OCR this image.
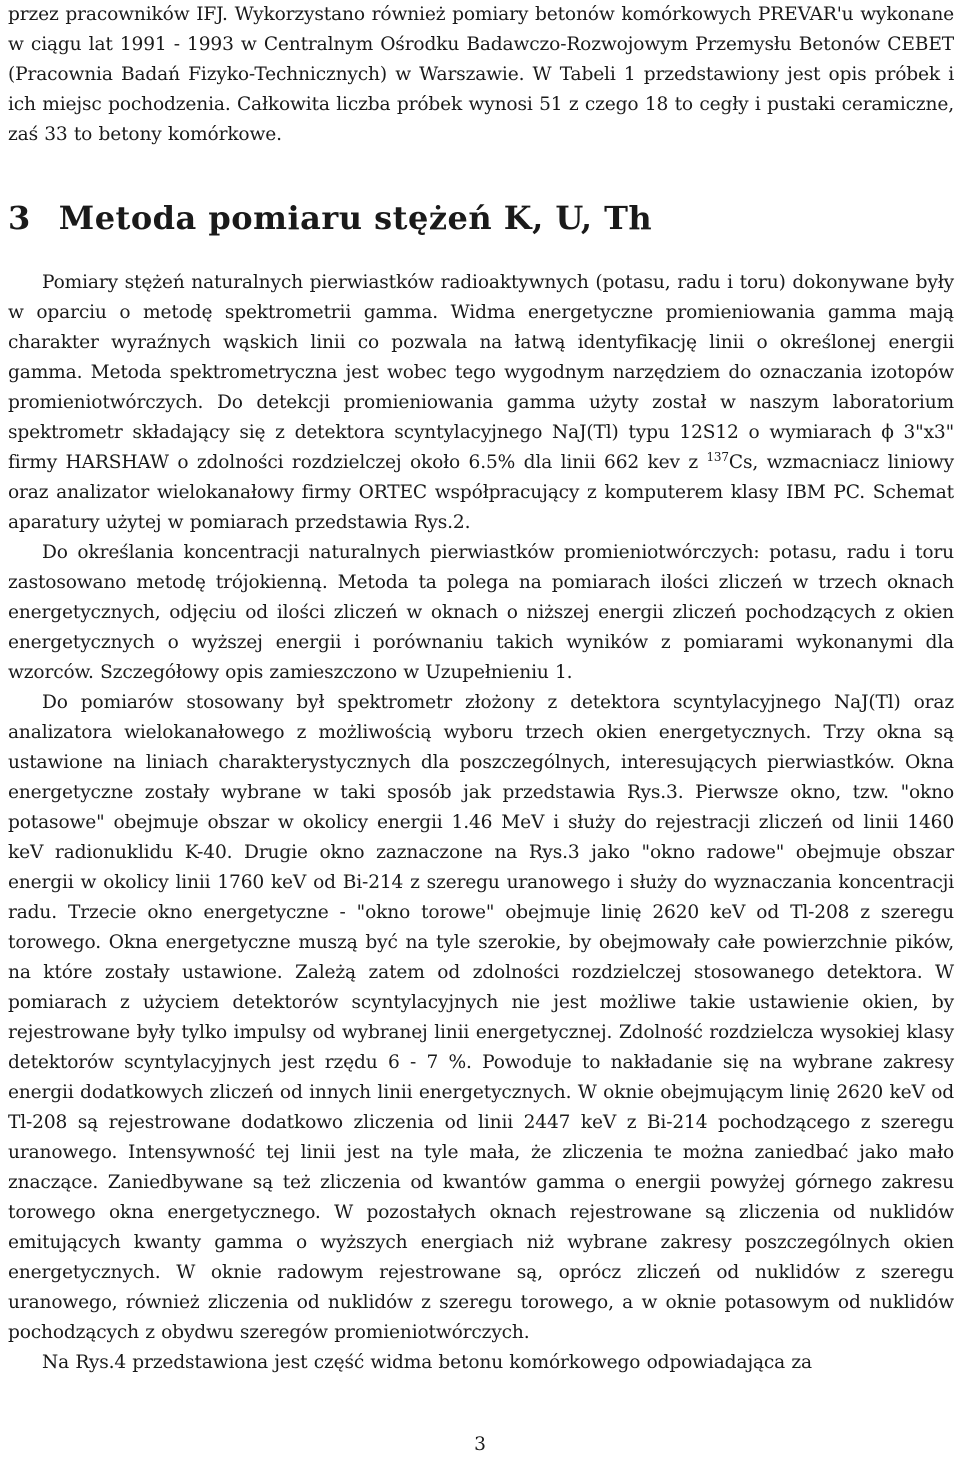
przez pracowników IFJ. Wykorzystano również pomiary betonów komórkowych PREVAR'u wykonane w ciągu lat 1991 - 1993 w Centralnym Ośrodku Badawczo-Rozwojowym Przemysłu Betonów CEBET (Pracownia Badań Fizyko-Technicznych) w Warszawie. W Tabeli 1 przedstawiony jest opis próbek i ich miejsc pochodzenia. Całkowita liczba próbek wynosi 51 z czego 18 to cegły i pustaki ceramiczne, zaś 33 to betony komórkowe.

3 Metoda pomiaru stężeń K, U, Th

Pomiary stężeń naturalnych pierwiastków radioaktywnych (potasu, radu i toru) dokonywane były w oparciu o metodę spektrometrii gamma. Widma energetyczne promieniowania gamma mają charakter wyraźnych wąskich linii co pozwala na łatwą identyfikację linii o określonej energii gamma. Metoda spektrometryczna jest wobec tego wygodnym narzędziem do oznaczania izotopów promieniotwórczych. Do detekcji promieniowania gamma użyty został w naszym laboratorium spektrometr składający się z detektora scyntylacyjnego NaJ(Tl) typu 12S12 o wymiarach ϕ 3"x3" firmy HARSHAW o zdolności rozdzielczej około 6.5% dla linii 662 kev z $^{137}$Cs, wzmacniacz liniowy oraz analizator wielokanałowy firmy ORTEC współpracujący z komputerem klasy IBM PC. Schemat aparatury użytej w pomiarach przedstawia Rys.2.

Do określania koncentracji naturalnych pierwiastków promieniotwórczych: potasu, radu i toru zastosowano metodę trójokienną. Metoda ta polega na pomiarach ilości zliczeń w trzech oknach energetycznych, odjęciu od ilości zliczeń w oknach o niższej energii zliczeń pochodzących z okien energetycznych o wyższej energii i porównaniu takich wyników z pomiarami wykonanymi dla wzorców. Szczegółowy opis zamieszczono w Uzupełnieniu 1.

Do pomiarów stosowany był spektrometr złożony z detektora scyntylacyjnego NaJ(Tl) oraz analizatora wielokanałowego z możliwością wyboru trzech okien energetycznych. Trzy okna są ustawione na liniach charakterystycznych dla poszczególnych, interesujących pierwiastków. Okna energetyczne zostały wybrane w taki sposób jak przedstawia Rys.3. Pierwsze okno, tzw. "okno potasowe" obejmuje obszar w okolicy energii 1.46 MeV i służy do rejestracji zliczeń od linii 1460 keV radionuklidu K-40. Drugie okno zaznaczone na Rys.3 jako "okno radowe" obejmuje obszar energii w okolicy linii 1760 keV od Bi-214 z szeregu uranowego i służy do wyznaczania koncentracji radu. Trzecie okno energetyczne - "okno torowe" obejmuje linię 2620 keV od Tl-208 z szeregu torowego. Okna energetyczne muszą być na tyle szerokie, by obejmowały całe powierzchnie pików, na które zostały ustawione. Zależą zatem od zdolności rozdzielczej stosowanego detektora. W pomiarach z użyciem detektorów scyntylacyjnych nie jest możliwe takie ustawienie okien, by rejestrowane były tylko impulsy od wybranej linii energetycznej. Zdolność rozdzielcza wysokiej klasy detektorów scyntylacyjnych jest rzędu 6 - 7 %. Powoduje to nakładanie się na wybrane zakresy energii dodatkowych zliczeń od innych linii energetycznych. W oknie obejmującym linię 2620 keV od Tl-208 są rejestrowane dodatkowo zliczenia od linii 2447 keV z Bi-214 pochodzącego z szeregu uranowego. Intensywność tej linii jest na tyle mała, że zliczenia te można zaniedbać jako mało znaczące. Zaniedbywane są też zliczenia od kwantów gamma o energii powyżej górnego zakresu torowego okna energetycznego. W pozostałych oknach rejestrowane są zliczenia od nuklidów emitujących kwanty gamma o wyższych energiach niż wybrane zakresy poszczególnych okien energetycznych. W oknie radowym rejestrowane są, oprócz zliczeń od nuklidów z szeregu uranowego, również zliczenia od nuklidów z szeregu torowego, a w oknie potasowym od nuklidów pochodzących z obydwu szeregów promieniotwórczych.

Na Rys.4 przedstawiona jest część widma betonu komórkowego odpowiadająca za

3
